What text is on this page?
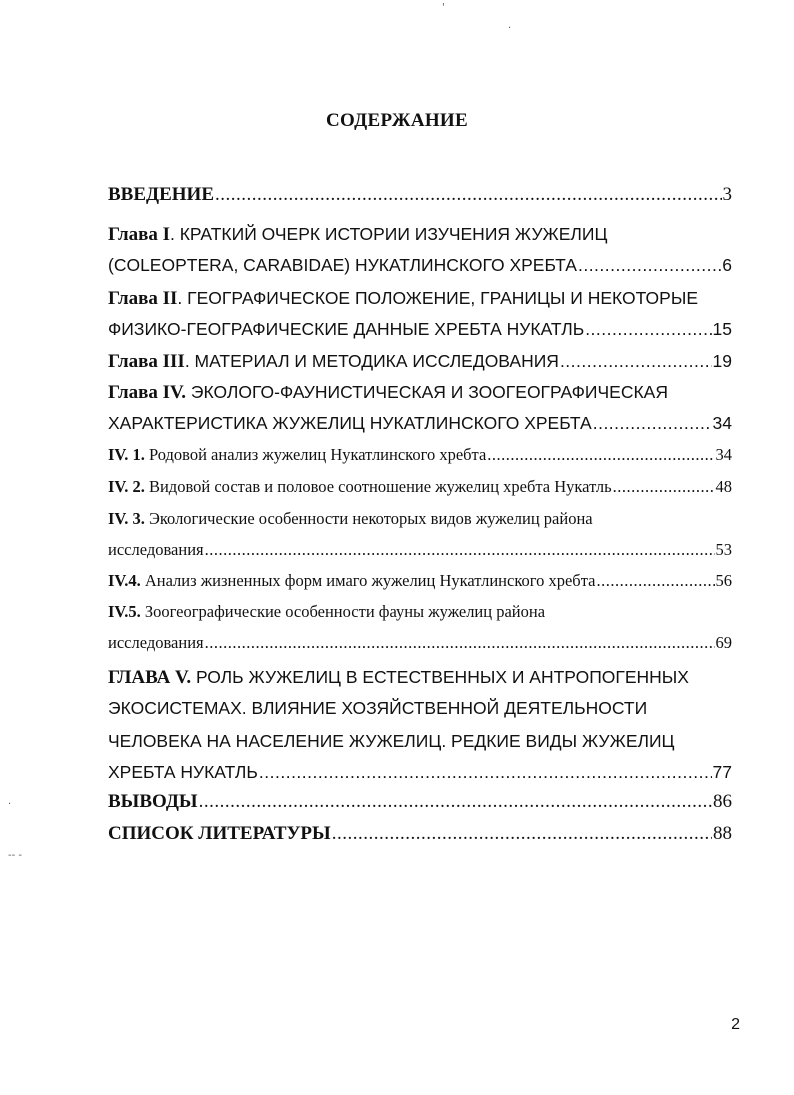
СОДЕРЖАНИЕ
ВВЕДЕНИЕ .....	3
Глава I. КРАТКИЙ ОЧЕРК ИСТОРИИ ИЗУЧЕНИЯ ЖУЖЕЛИЦ
(COLEOPTERA, CARABIDAE) НУКАТЛИНСКОГО ХРЕБТА .....	6
Глава II. ГЕОГРАФИЧЕСКОЕ ПОЛОЖЕНИЕ, ГРАНИЦЫ И НЕКОТОРЫЕ
ФИЗИКО-ГЕОГРАФИЧЕСКИЕ ДАННЫЕ ХРЕБТА НУКАТЛЬ .....	15
Глава III. МАТЕРИАЛ И МЕТОДИКА ИССЛЕДОВАНИЯ .....	19
Глава IV. ЭКОЛОГО-ФАУНИСТИЧЕСКАЯ И ЗООГЕОГРАФИЧЕСКАЯ
ХАРАКТЕРИСТИКА ЖУЖЕЛИЦ НУКАТЛИНСКОГО ХРЕБТА .....	34
IV. 1. Родовой анализ жужелиц Нукатлинского хребта .....	34
IV. 2. Видовой состав и половое соотношение жужелиц хребта Нукатль .....	48
IV. 3. Экологические особенности некоторых видов жужелиц района
исследования .....	53
IV.4. Анализ жизненных форм имаго жужелиц Нукатлинского хребта .....	56
IV.5. Зоогеографические особенности фауны жужелиц района
исследования .....	69
ГЛАВА V. РОЛЬ ЖУЖЕЛИЦ В ЕСТЕСТВЕННЫХ И АНТРОПОГЕННЫХ
ЭКОСИСТЕМАХ. ВЛИЯНИЕ ХОЗЯЙСТВЕННОЙ ДЕЯТЕЛЬНОСТИ
ЧЕЛОВЕКА НА НАСЕЛЕНИЕ ЖУЖЕЛИЦ. РЕДКИЕ ВИДЫ ЖУЖЕЛИЦ
ХРЕБТА НУКАТЛЬ .....	77
ВЫВОДЫ .....	86
СПИСОК ЛИТЕРАТУРЫ .....	88
2
'
.
.
-- -
